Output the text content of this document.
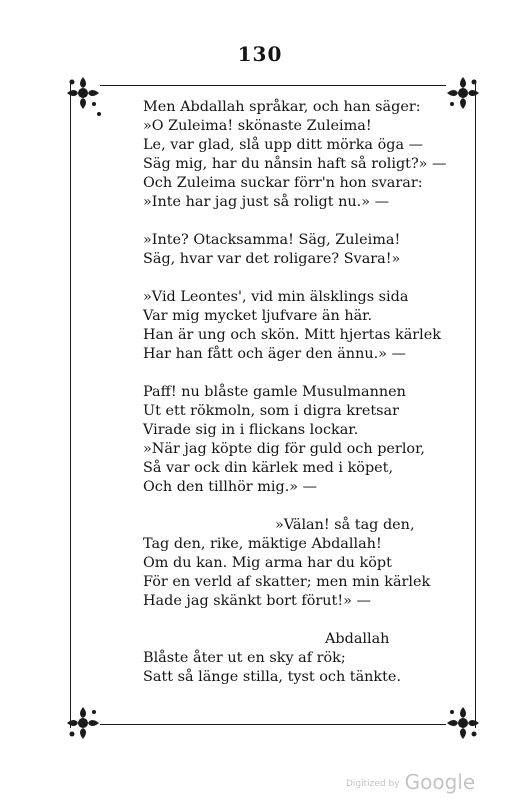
130
Men Abdallah språkar, och han säger:
»O Zuleima! skönaste Zuleima!
Le, var glad, slå upp ditt mörka öga —
Säg mig, har du nånsin haft så roligt?» —
Och Zuleima suckar förr'n hon svarar:
»Inte har jag just så roligt nu.» —
»Inte? Otacksamma! Säg, Zuleima!
Säg, hvar var det roligare? Svara!»
»Vid Leontes', vid min älsklings sida
Var mig mycket ljufvare än här.
Han är ung och skön. Mitt hjertas kärlek
Har han fått och äger den ännu.» —
Paff! nu blåste gamle Musulmannen
Ut ett rökmoln, som i digra kretsar
Virade sig in i flickans lockar.
»När jag köpte dig för guld och perlor,
Så var ock din kärlek med i köpet,
Och den tillhör mig.» —
»Välan! så tag den,
Tag den, rike, mäktige Abdallah!
Om du kan. Mig arma har du köpt
För en verld af skatter; men min kärlek
Hade jag skänkt bort förut!» —
Abdallah
Blåste åter ut en sky af rök;
Satt så länge stilla, tyst och tänkte.
Digitized by Google
